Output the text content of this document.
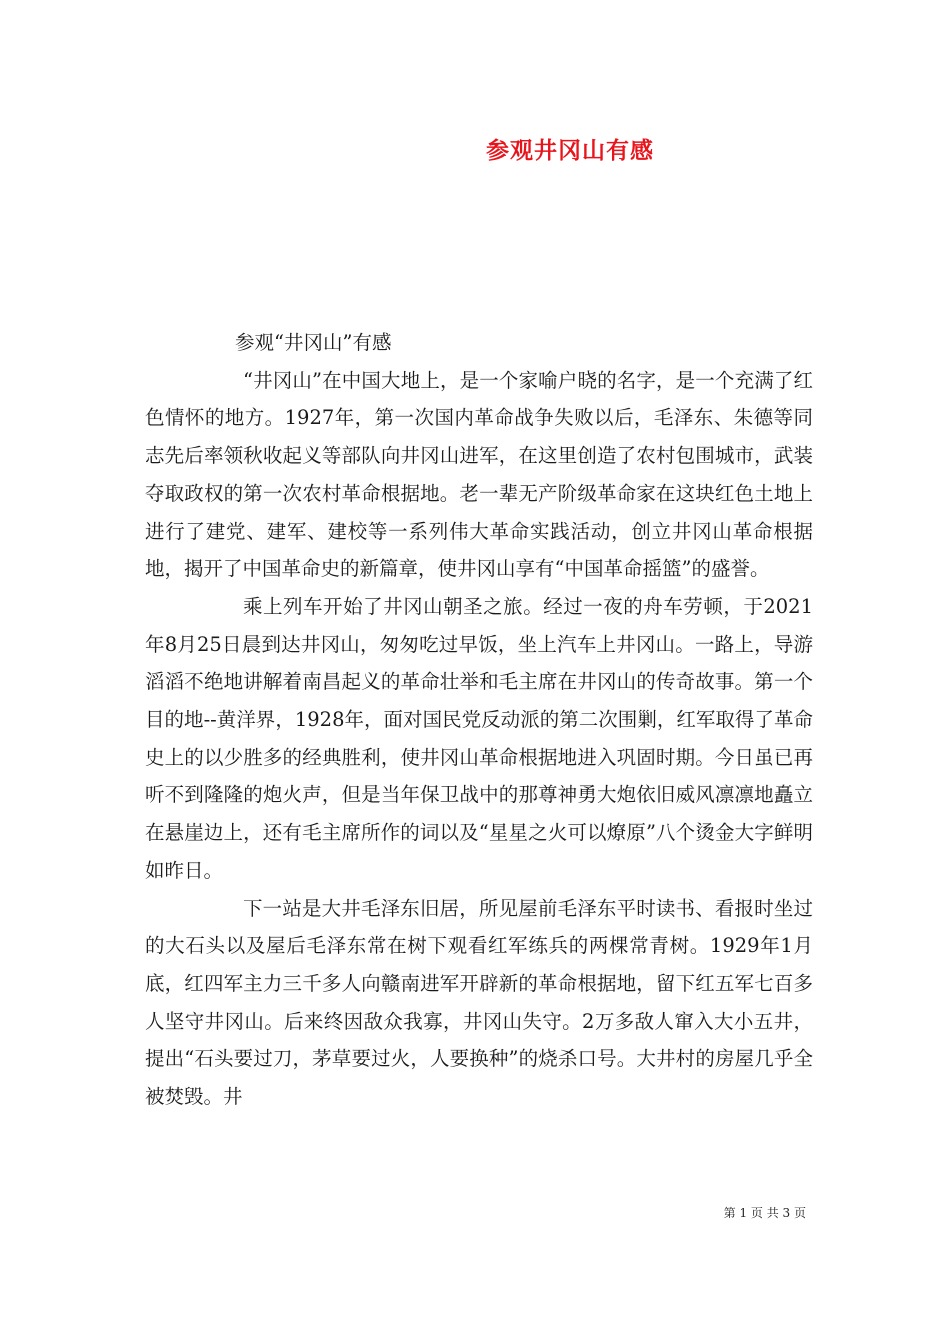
参观井冈山有感

参观“井冈山”有感

“井冈山”在中国大地上，是一个家喻户晓的名字，是一个充满了红色情怀的地方。1927年，第一次国内革命战争失败以后，毛泽东、朱德等同志先后率领秋收起义等部队向井冈山进军，在这里创造了农村包围城市，武装夺取政权的第一次农村革命根据地。老一辈无产阶级革命家在这块红色土地上进行了建党、建军、建校等一系列伟大革命实践活动，创立井冈山革命根据地，揭开了中国革命史的新篇章，使井冈山享有“中国革命摇篮”的盛誉。

乘上列车开始了井冈山朝圣之旅。经过一夜的舟车劳顿，于2021年8月25日晨到达井冈山，匆匆吃过早饭，坐上汽车上井冈山。一路上，导游滔滔不绝地讲解着南昌起义的革命壮举和毛主席在井冈山的传奇故事。第一个目的地--黄洋界，1928年，面对国民党反动派的第二次围剿，红军取得了革命史上的以少胜多的经典胜利，使井冈山革命根据地进入巩固时期。今日虽已再听不到隆隆的炮火声，但是当年保卫战中的那尊神勇大炮依旧威风凛凛地矗立在悬崖边上，还有毛主席所作的词以及“星星之火可以燎原”八个烫金大字鲜明如昨日。

下一站是大井毛泽东旧居，所见屋前毛泽东平时读书、看报时坐过的大石头以及屋后毛泽东常在树下观看红军练兵的两棵常青树。1929年1月底，红四军主力三千多人向赣南进军开辟新的革命根据地，留下红五军七百多人坚守井冈山。后来终因敌众我寡，井冈山失守。2万多敌人窜入大小五井，提出“石头要过刀，茅草要过火，人要换种”的烧杀口号。大井村的房屋几乎全被焚毁。井

第 1 页 共 3 页
